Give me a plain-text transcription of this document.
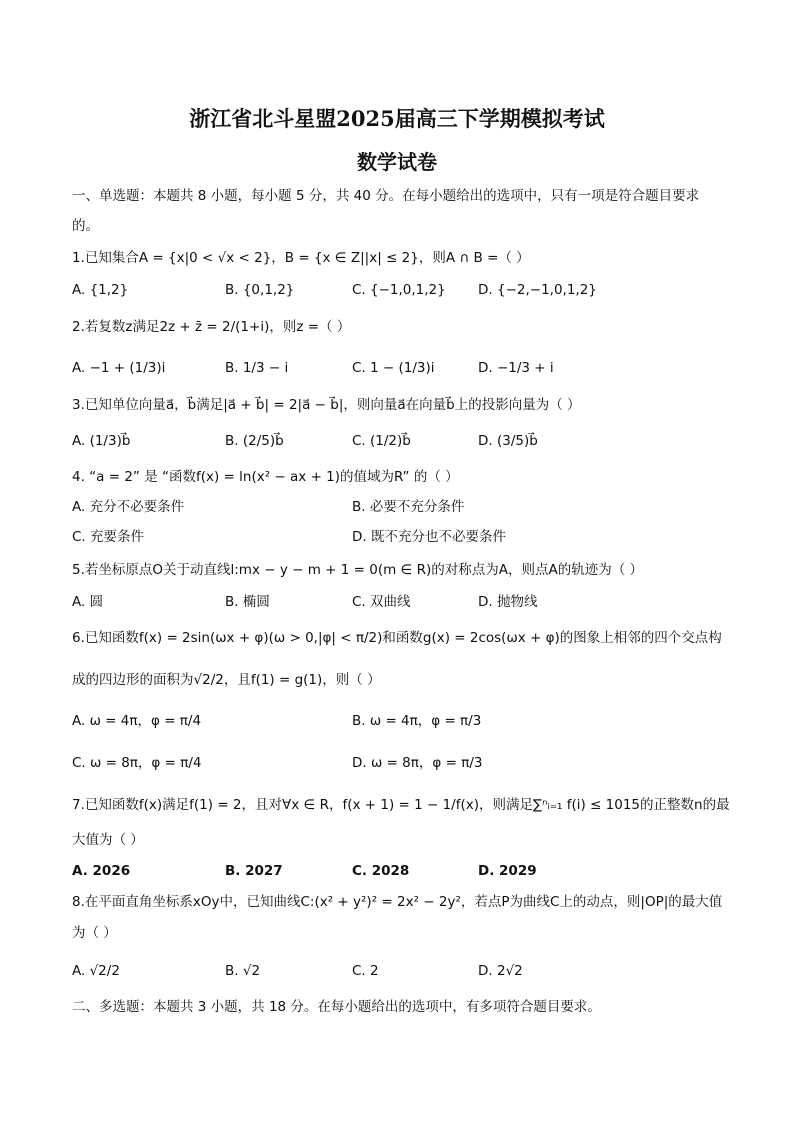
浙江省北斗星盟2025届高三下学期模拟考试
数学试卷
一、单选题：本题共 8 小题，每小题 5 分，共 40 分。在每小题给出的选项中，只有一项是符合题目要求
的。
1.已知集合A = {x|0 < √x < 2}，B = {x ∈ Z||x| ≤ 2}，则A ∩ B =（ ）
A. {1,2}	B. {0,1,2}	C. {−1,0,1,2} D. {−2,−1,0,1,2}
2.若复数z满足2z + z̄ = 2/(1+i)，则z =（ ）
A. −1 + (1/3)i	B. 1/3 − i	C. 1 − (1/3)i	D. −1/3 + i
3.已知单位向量a⃗，b⃗满足|a⃗ + b⃗| = 2|a⃗ − b⃗|，则向量a⃗在向量b⃗上的投影向量为（ ）
A. (1/3)b⃗	B. (2/5)b⃗	C. (1/2)b⃗	D. (3/5)b⃗
4. “a = 2” 是 “函数f(x) = ln(x² − ax + 1)的值域为R” 的（ ）
A. 充分不必要条件	B. 必要不充分条件
C. 充要条件	D. 既不充分也不必要条件
5.若坐标原点O关于动直线l:mx − y − m + 1 = 0(m ∈ R)的对称点为A，则点A的轨迹为（ ）
A. 圆	B. 椭圆	C. 双曲线	D. 抛物线
6.已知函数f(x) = 2sin(ωx + φ)(ω > 0,|φ| < π/2)和函数g(x) = 2cos(ωx + φ)的图象上相邻的四个交点构
成的四边形的面积为√2/2，且f(1) = g(1)，则（ ）
A. ω = 4π，φ = π/4	B. ω = 4π，φ = π/3
C. ω = 8π，φ = π/4	D. ω = 8π，φ = π/3
7.已知函数f(x)满足f(1) = 2，且对∀x ∈ R，f(x + 1) = 1 − 1/f(x)，则满足∑ⁿᵢ₌₁ f(i) ≤ 1015的正整数n的最
大值为（ ）
A. 2026	B. 2027	C. 2028	D. 2029
8.在平面直角坐标系xOy中，已知曲线C:(x² + y²)² = 2x² − 2y²，若点P为曲线C上的动点，则|OP|的最大值
为（ ）
A. √2/2	B. √2	C. 2	D. 2√2
二、多选题：本题共 3 小题，共 18 分。在每小题给出的选项中，有多项符合题目要求。
